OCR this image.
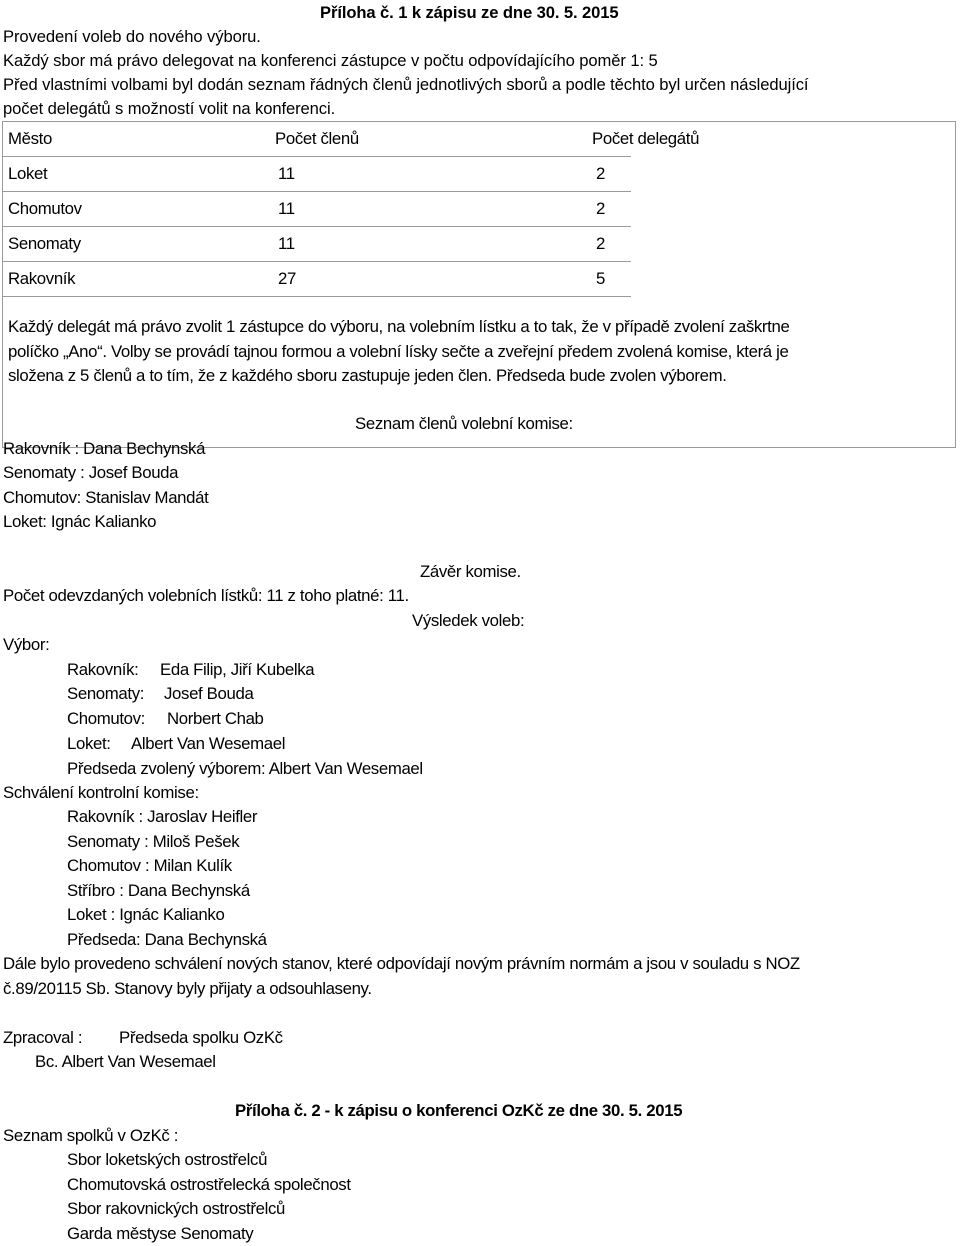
Příloha č. 1 k zápisu ze dne 30. 5. 2015
Provedení voleb do nového výboru.
Každý sbor má právo delegovat na konferenci zástupce v počtu odpovídajícího poměr 1: 5
Před vlastními volbami byl dodán seznam řádných členů jednotlivých sborů a podle těchto byl určen následující
počet delegátů s možností volit na konferenci.
Město	Počet členů	Počet delegátů
Loket	11	2
Chomutov	11	2
Senomaty	11	2
Rakovník	27	5
Každý delegát má právo zvolit 1 zástupce do výboru, na volebním lístku a to tak, že v případě zvolení zaškrtne
políčko „Ano“. Volby se provádí tajnou formou a volební lísky sečte a zveřejní předem zvolená komise, která je
složena z 5 členů a to tím, že z každého sboru zastupuje jeden člen. Předseda bude zvolen výborem.
Seznam členů volební komise:
Rakovník : Dana Bechynská
Senomaty : Josef Bouda
Chomutov: Stanislav Mandát
Loket: Ignác Kalianko
Závěr komise.
Počet odevzdaných volebních lístků: 11 z toho platné: 11.
Výsledek voleb:
Výbor:
Rakovník: Eda Filip, Jiří Kubelka
Senomaty: Josef Bouda
Chomutov: Norbert Chab
Loket: Albert Van Wesemael
Předseda zvolený výborem: Albert Van Wesemael
Schválení kontrolní komise:
Rakovník : Jaroslav Heifler
Senomaty : Miloš Pešek
Chomutov : Milan Kulík
Stříbro : Dana Bechynská
Loket : Ignác Kalianko
Předseda: Dana Bechynská
Dále bylo provedeno schválení nových stanov, které odpovídají novým právním normám a jsou v souladu s NOZ
č.89/20115 Sb. Stanovy byly přijaty a odsouhlaseny.
Zpracoval : Předseda spolku OzKč
Bc. Albert Van Wesemael
Příloha č. 2 - k zápisu o konferenci OzKč ze dne 30. 5. 2015
Seznam spolků v OzKč :
Sbor loketských ostrostřelců
Chomutovská ostrostřelecká společnost
Sbor rakovnických ostrostřelců
Garda městyse Senomaty
